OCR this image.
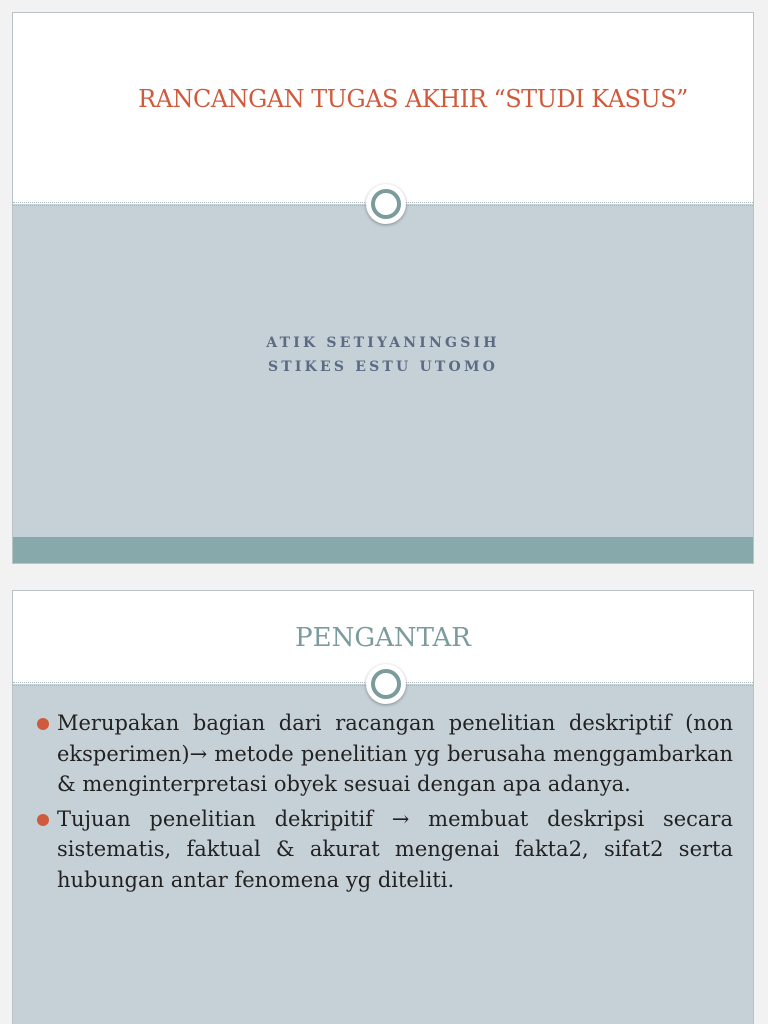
RANCANGAN TUGAS AKHIR “STUDI KASUS”
ATIK SETIYANINGSIH
STIKES ESTU UTOMO
PENGANTAR
Merupakan bagian dari racangan penelitian deskriptif (non eksperimen)→ metode penelitian yg berusaha menggambarkan & menginterpretasi obyek sesuai dengan apa adanya.
Tujuan penelitian dekripitif → membuat deskripsi secara sistematis, faktual & akurat mengenai fakta2, sifat2 serta hubungan antar fenomena yg diteliti.
